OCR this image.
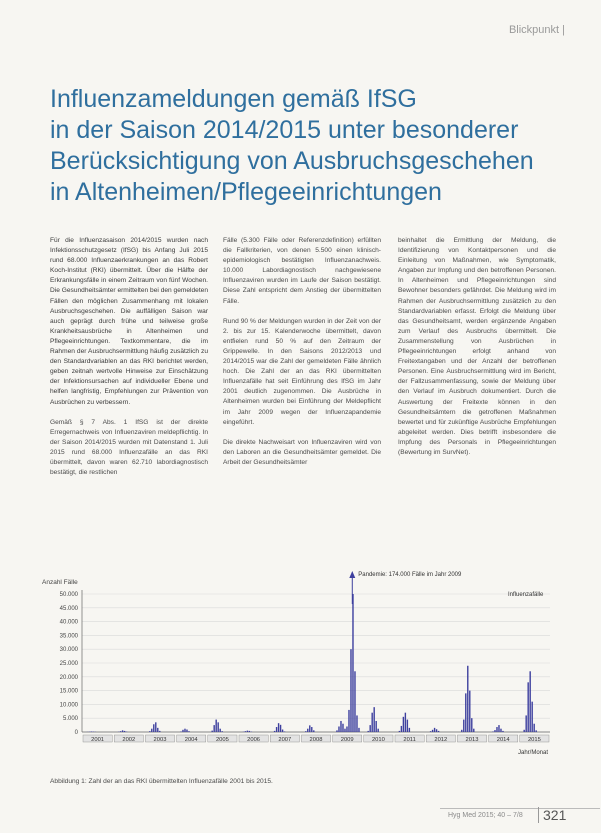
Blickpunkt |
Influenzameldungen gemäß IfSG
in der Saison 2014/2015 unter besonderer
Berücksichtigung von Ausbruchsgeschehen
in Altenheimen/Pflegeeinrichtungen

Für die Influenzasaison 2014/2015 wurden nach Infektionsschutzgesetz (IfSG) bis Anfang Juli 2015 rund 68.000 Influenzaerkrankungen an das Robert Koch-Institut (RKI) übermittelt. Über die Hälfte der Erkrankungsfälle in einem Zeitraum von fünf Wochen. Die Gesundheitsämter ermittelten bei den gemeldeten Fällen den möglichen Zusammenhang mit lokalen Ausbruchsgeschehen. Die auffälligen Saison war auch geprägt durch frühe und teilweise große Krankheitsausbrüche in Altenheimen und Pflegeeinrichtungen. Textkommentare, die im Rahmen der Ausbruchsermittlung häufig zusätzlich zu den Standardvariablen an das RKI berichtet werden, geben zeitnah wertvolle Hinweise zur Einschätzung der Infektionsursachen auf individueller Ebene und helfen langfristig, Empfehlungen zur Prävention von Ausbrüchen zu verbessern.

Gemäß § 7 Abs. 1 IfSG ist der direkte Erregernachweis von Influenzaviren meldepflichtig. In der Saison 2014/2015 wurden mit Datenstand 1. Juli 2015 rund 68.000 Influenzafälle an das RKI übermittelt, davon waren 62.710 labordiagnostisch bestätigt, die restlichen

Fälle (5.300 Fälle oder Referenzdefinition) erfüllten die Fallkriterien, von denen 5.500 einen klinisch-epidemiologisch bestätigten Influenzanachweis. 10.000 Labordiagnostisch nachgewiesene Influenzaviren wurden im Laufe der Saison bestätigt. Diese Zahl entspricht dem Anstieg der übermittelten Fälle.

Rund 90 % der Meldungen wurden in der Zeit von der 2. bis zur 15. Kalenderwoche übermittelt, davon entfielen rund 50 % auf den Zeitraum der Grippewelle. In den Saisons 2012/2013 und 2014/2015 war die Zahl der gemeldeten Fälle ähnlich hoch. Die Zahl der an das RKI übermittelten Influenzafälle hat seit Einführung des IfSG im Jahr 2001 deutlich zugenommen. Die Ausbrüche in Altenheimen wurden bei Einführung der Meldepflicht im Jahr 2009 wegen der Influenzapandemie eingeführt.

Die direkte Nachweisart von Influenzaviren wird von den Laboren an die Gesundheitsämter gemeldet. Die Arbeit der Gesundheitsämter

beinhaltet die Ermittlung der Meldung, die Identifizierung von Kontaktpersonen und die Einleitung von Maßnahmen, wie Symptomatik, Angaben zur Impfung und den betroffenen Personen. In Altenheimen und Pflegeeinrichtungen sind Bewohner besonders gefährdet. Die Meldung wird im Rahmen der Ausbruchsermittlung zusätzlich zu den Standardvariablen erfasst. Erfolgt die Meldung über das Gesundheitsamt, werden ergänzende Angaben zum Verlauf des Ausbruchs übermittelt. Die Zusammenstellung von Ausbrüchen in Pflegeeinrichtungen erfolgt anhand von Freitextangaben und der Anzahl der betroffenen Personen. Eine Ausbruchsermittlung wird im Bericht, der Fallzusammenfassung, sowie der Meldung über den Verlauf im Ausbruch dokumentiert. Durch die Auswertung der Freitexte können in den Gesundheitsämtern die getroffenen Maßnahmen bewertet und für zukünftige Ausbrüche Empfehlungen abgeleitet werden. Dies betrifft insbesondere die Impfung des Personals in Pflegeeinrichtungen (Bewertung im SurvNet).

Anzahl Fälle
0
5.000
10.000
15.000
20.000
25.000
30.000
35.000
40.000
45.000
50.000
2001	2002	2003	2004	2005	2006	2007	2008	2009	2010	2011	2012	2013	2014	2015
Pandemie: 174.000 Fälle im Jahr 2009
Influenzafälle
Jahr/Monat
Abbildung 1: Zahl der an das RKI übermittelten Influenzafälle 2001 bis 2015.
Hyg Med 2015; 40 – 7/8	321
